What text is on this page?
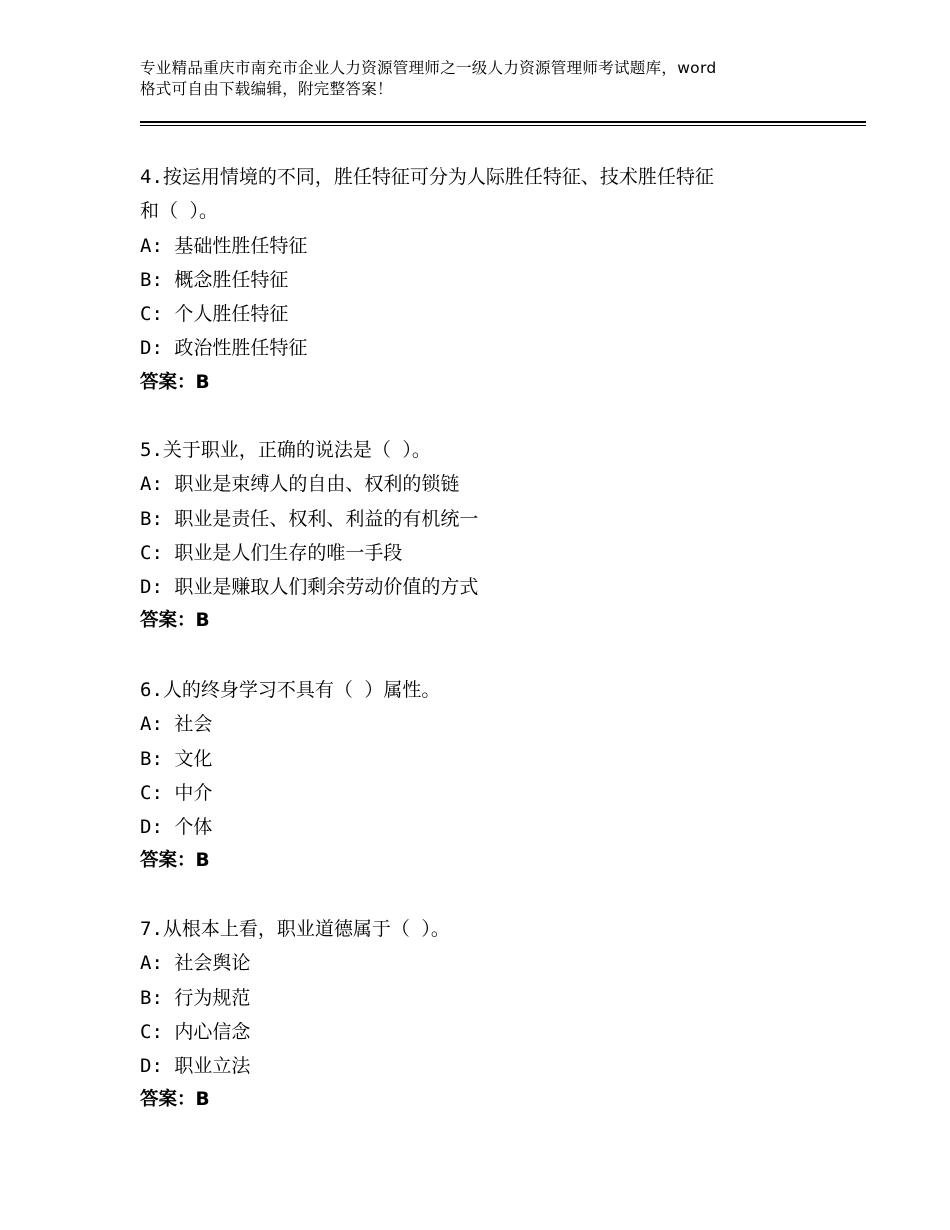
专业精品重庆市南充市企业人力资源管理师之一级人力资源管理师考试题库，word
格式可自由下载编辑，附完整答案！
4.按运用情境的不同，胜任特征可分为人际胜任特征、技术胜任特征
和（ ）。
A: 基础性胜任特征
B: 概念胜任特征
C: 个人胜任特征
D: 政治性胜任特征
答案：B
5.关于职业，正确的说法是（ ）。
A: 职业是束缚人的自由、权利的锁链
B: 职业是责任、权利、利益的有机统一
C: 职业是人们生存的唯一手段
D: 职业是赚取人们剩余劳动价值的方式
答案：B
6.人的终身学习不具有（ ）属性。
A: 社会
B: 文化
C: 中介
D: 个体
答案：B
7.从根本上看，职业道德属于（ ）。
A: 社会舆论
B: 行为规范
C: 内心信念
D: 职业立法
答案：B
